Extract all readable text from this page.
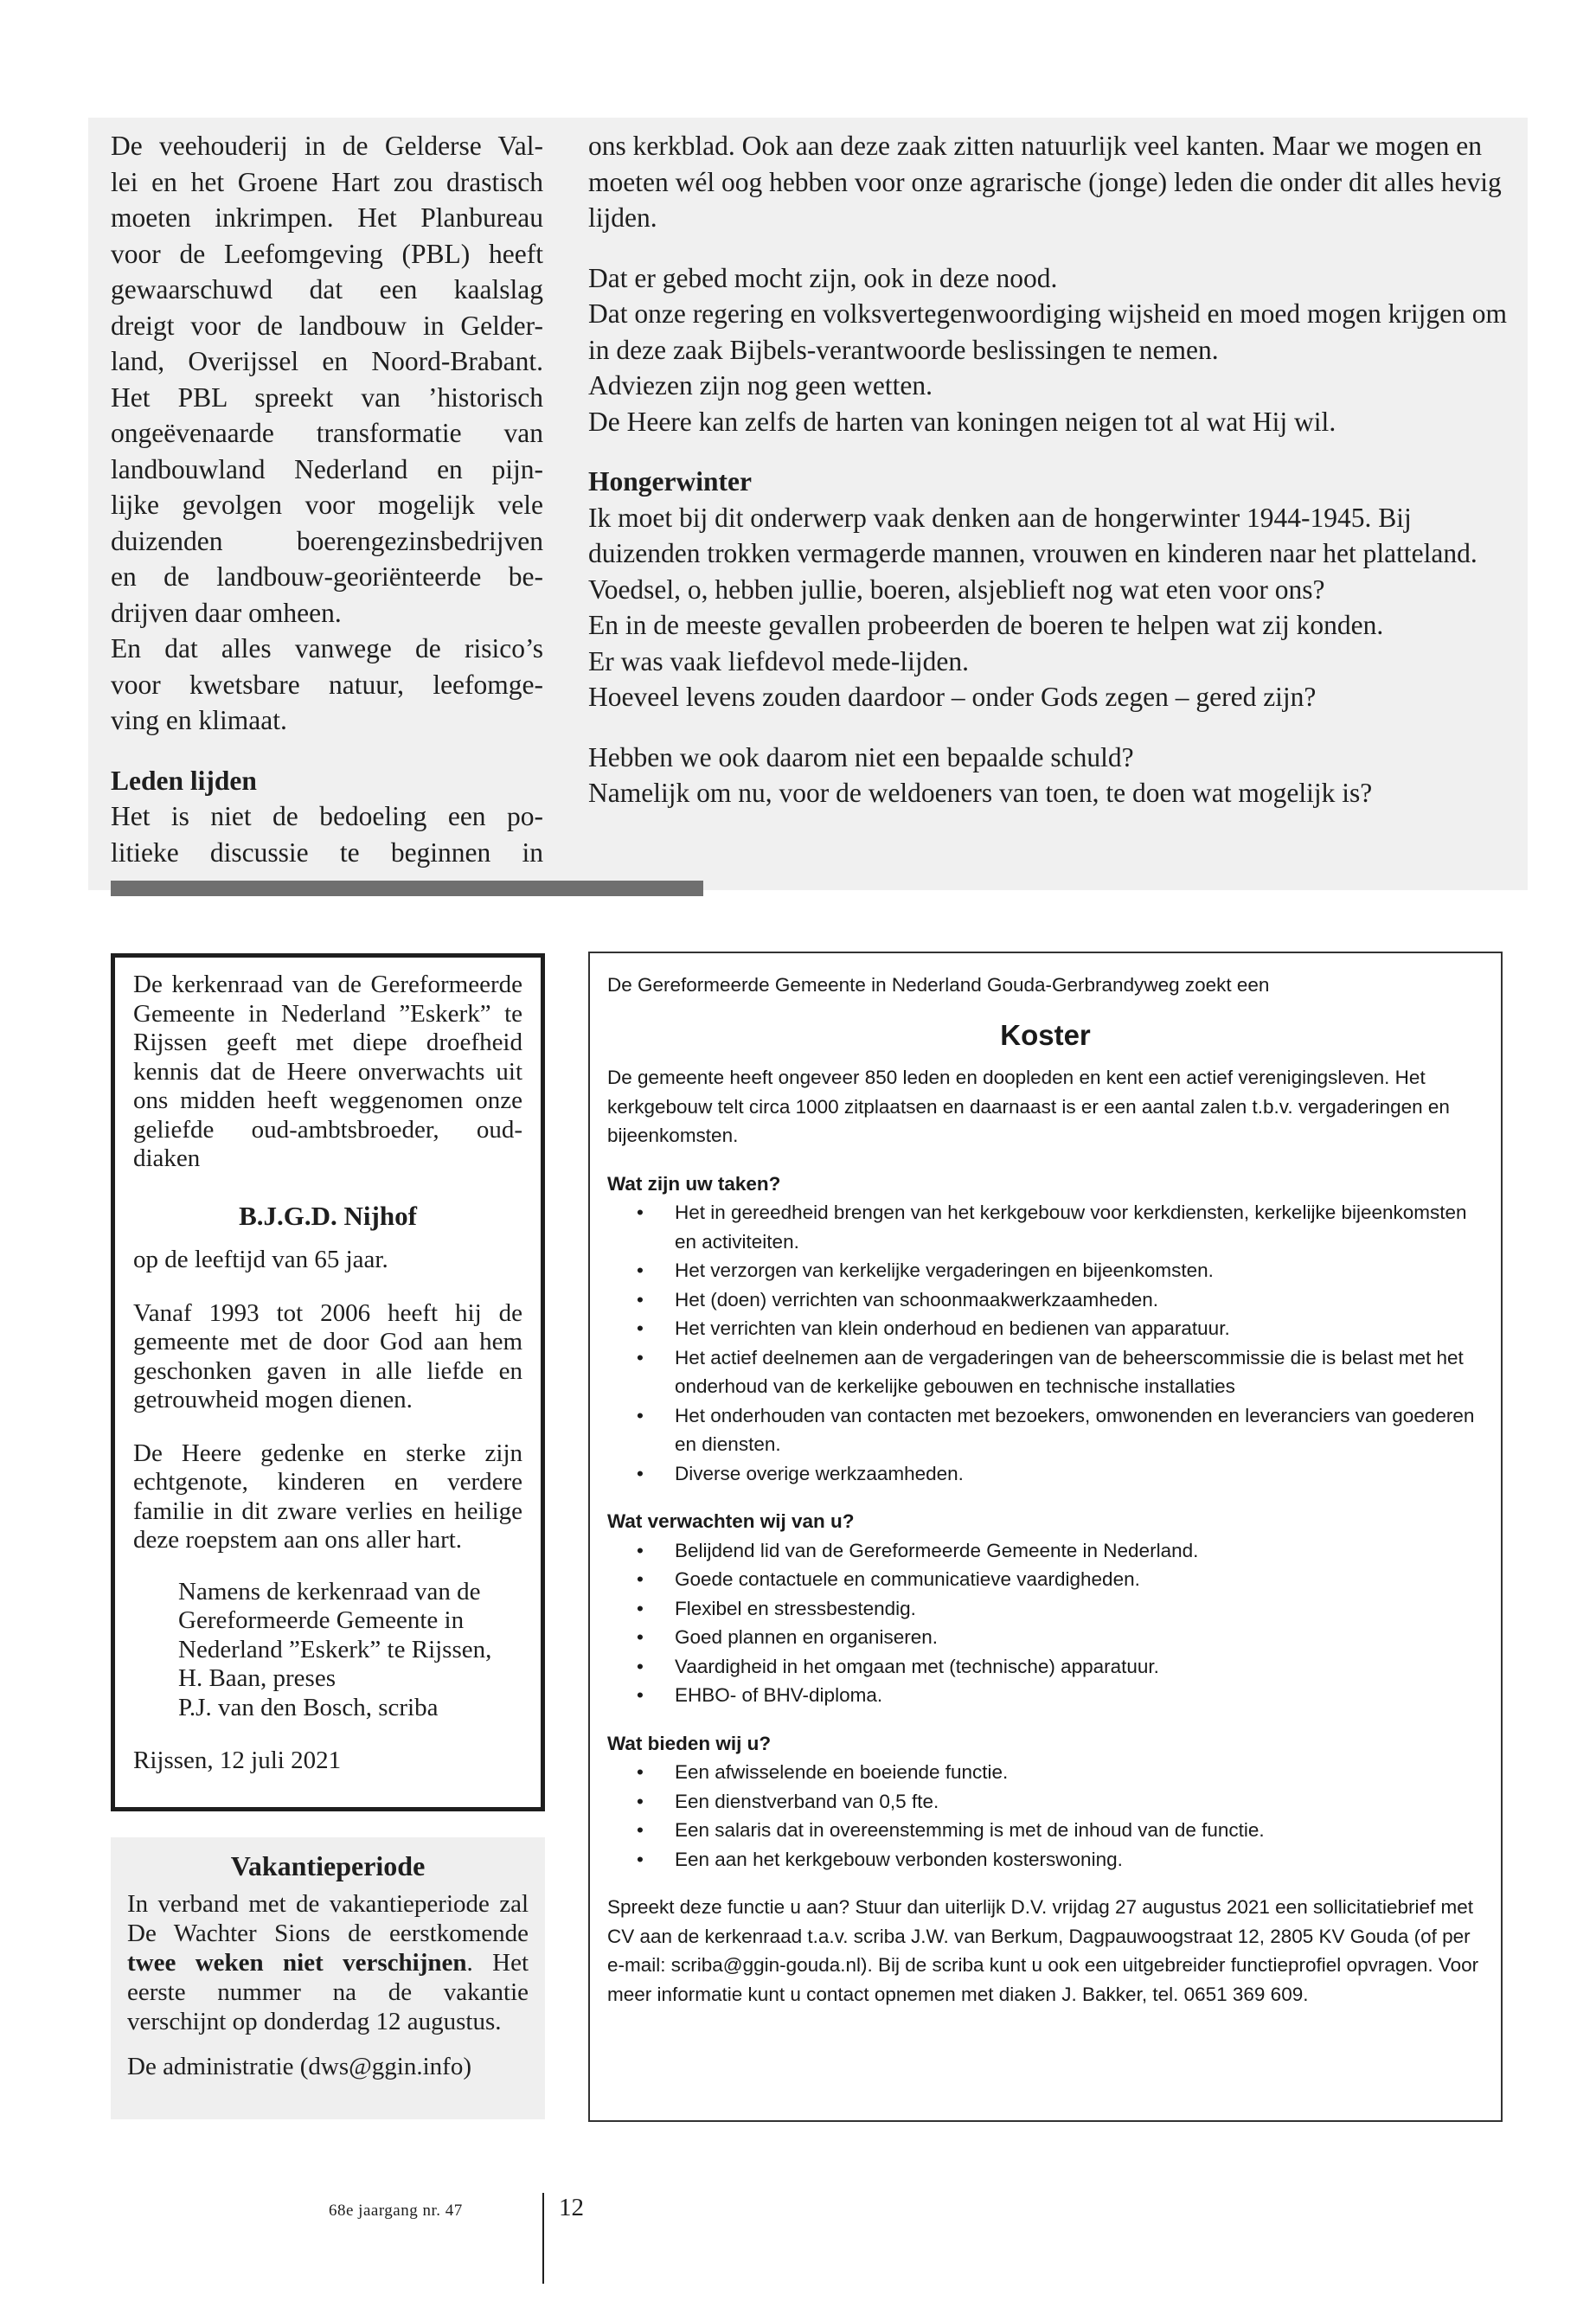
De veehouderij in de Gelderse Val-

lei en het Groene Hart zou drastisch

moeten inkrimpen. Het Planbureau

voor de Leefomgeving (PBL) heeft

gewaarschuwd dat een kaalslag

dreigt voor de landbouw in Gelder-

land, Overijssel en Noord-Brabant.

Het PBL spreekt van ’historisch

ongeëvenaarde transformatie van

landbouwland Nederland en pijn-

lijke gevolgen voor mogelijk vele

duizenden boerengezinsbedrijven

en de landbouw-georiënteerde be-

drijven daar omheen.

En dat alles vanwege de risico’s

voor kwetsbare natuur, leefomge-

ving en klimaat.

Leden lijden

Het is niet de bedoeling een po-

litieke discussie te beginnen in

ons kerkblad. Ook aan deze zaak zitten natuurlijk veel kanten. Maar we mogen en moeten wél oog hebben voor onze agrarische (jonge) leden die onder dit alles hevig lijden.

Dat er gebed mocht zijn, ook in deze nood.

Dat onze regering en volksvertegenwoordiging wijsheid en moed mogen krijgen om in deze zaak Bijbels-verantwoorde beslissingen te nemen.

Adviezen zijn nog geen wetten.

De Heere kan zelfs de harten van koningen neigen tot al wat Hij wil.

Hongerwinter

Ik moet bij dit onderwerp vaak denken aan de hongerwinter 1944-1945. Bij duizenden trokken vermagerde mannen, vrouwen en kinderen naar het platteland.

Voedsel, o, hebben jullie, boeren, alsjeblieft nog wat eten voor ons?

En in de meeste gevallen probeerden de boeren te helpen wat zij konden.

Er was vaak liefdevol mede-lijden.

Hoeveel levens zouden daardoor – onder Gods zegen – gered zijn?

Hebben we ook daarom niet een bepaalde schuld?

Namelijk om nu, voor de weldoeners van toen, te doen wat mogelijk is?

De kerkenraad van de Gereformeerde Gemeente in Nederland ”Eskerk” te Rijssen geeft met diepe droefheid kennis dat de Heere onverwachts uit ons midden heeft weggenomen onze geliefde oud-ambtsbroeder, oud-diaken

B.J.G.D. Nijhof

op de leeftijd van 65 jaar.

Vanaf 1993 tot 2006 heeft hij de gemeente met de door God aan hem geschonken gaven in alle liefde en getrouwheid mogen dienen.

De Heere gedenke en sterke zijn echtgenote, kinderen en verdere familie in dit zware verlies en heilige deze roepstem aan ons aller hart.

Namens de kerkenraad van de
Gereformeerde Gemeente in
Nederland ”Eskerk” te Rijssen,
H. Baan, preses
P.J. van den Bosch, scriba

Rijssen, 12 juli 2021

Vakantieperiode

In verband met de vakantieperiode zal De Wachter Sions de eerstkomende twee weken niet verschijnen. Het eerste nummer na de vakantie verschijnt op donderdag 12 augustus.

De administratie (dws@ggin.info)

De Gereformeerde Gemeente in Nederland Gouda-Gerbrandyweg zoekt een

Koster

De gemeente heeft ongeveer 850 leden en doopleden en kent een actief verenigingsleven. Het kerkgebouw telt circa 1000 zitplaatsen en daarnaast is er een aantal zalen t.b.v. vergaderingen en bijeenkomsten.

Wat zijn uw taken?
• Het in gereedheid brengen van het kerkgebouw voor kerkdiensten, kerkelijke bijeenkomsten en activiteiten.
• Het verzorgen van kerkelijke vergaderingen en bijeenkomsten.
• Het (doen) verrichten van schoonmaakwerkzaamheden.
• Het verrichten van klein onderhoud en bedienen van apparatuur.
• Het actief deelnemen aan de vergaderingen van de beheerscommissie die is belast met het onderhoud van de kerkelijke gebouwen en technische installaties
• Het onderhouden van contacten met bezoekers, omwonenden en leveranciers van goederen en diensten.
• Diverse overige werkzaamheden.
Wat verwachten wij van u?
• Belijdend lid van de Gereformeerde Gemeente in Nederland.
• Goede contactuele en communicatieve vaardigheden.
• Flexibel en stressbestendig.
• Goed plannen en organiseren.
• Vaardigheid in het omgaan met (technische) apparatuur.
• EHBO- of BHV-diploma.
Wat bieden wij u?
• Een afwisselende en boeiende functie.
• Een dienstverband van 0,5 fte.
• Een salaris dat in overeenstemming is met de inhoud van de functie.
• Een aan het kerkgebouw verbonden kosterswoning.

Spreekt deze functie u aan? Stuur dan uiterlijk D.V. vrijdag 27 augustus 2021 een sollicitatiebrief met CV aan de kerkenraad t.a.v. scriba J.W. van Berkum, Dagpauwoogstraat 12, 2805 KV Gouda (of per e-mail: scriba@ggin-gouda.nl). Bij de scriba kunt u ook een uitgebreider functieprofiel opvragen. Voor meer informatie kunt u contact opnemen met diaken J. Bakker, tel. 0651 369 609.

68e jaargang nr. 47	12
